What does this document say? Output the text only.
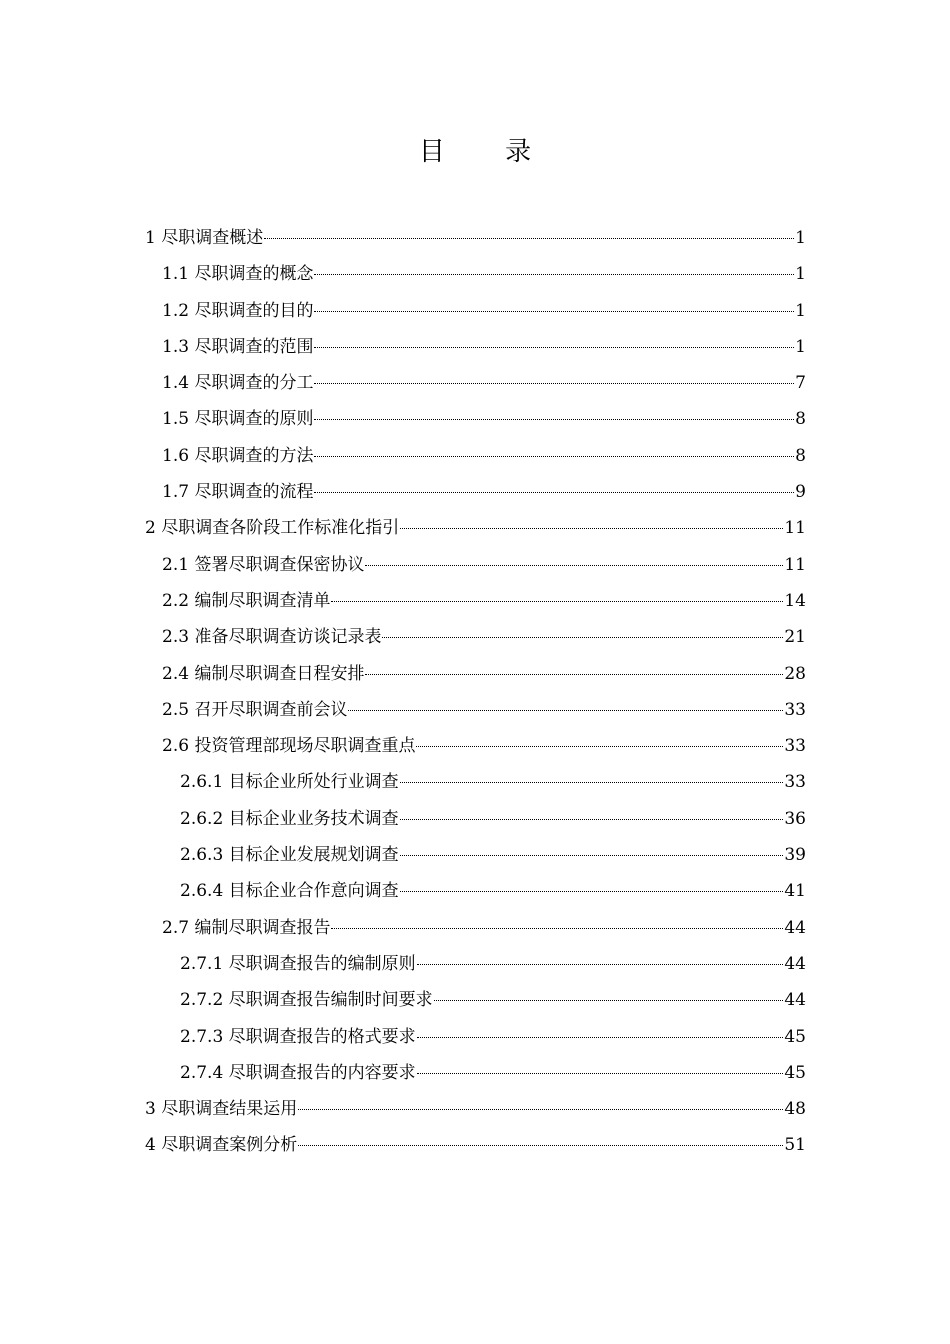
目 录
1 尽职调查概述	1
1.1 尽职调查的概念	1
1.2 尽职调查的目的	1
1.3 尽职调查的范围	1
1.4 尽职调查的分工	7
1.5 尽职调查的原则	8
1.6 尽职调查的方法	8
1.7 尽职调查的流程	9
2 尽职调查各阶段工作标准化指引	11
2.1 签署尽职调查保密协议	11
2.2 编制尽职调查清单	14
2.3 准备尽职调查访谈记录表	21
2.4 编制尽职调查日程安排	28
2.5 召开尽职调查前会议	33
2.6 投资管理部现场尽职调查重点	33
2.6.1 目标企业所处行业调查	33
2.6.2 目标企业业务技术调查	36
2.6.3 目标企业发展规划调查	39
2.6.4 目标企业合作意向调查	41
2.7 编制尽职调查报告	44
2.7.1 尽职调查报告的编制原则	44
2.7.2 尽职调查报告编制时间要求	44
2.7.3 尽职调查报告的格式要求	45
2.7.4 尽职调查报告的内容要求	45
3 尽职调查结果运用	48
4 尽职调查案例分析	51
